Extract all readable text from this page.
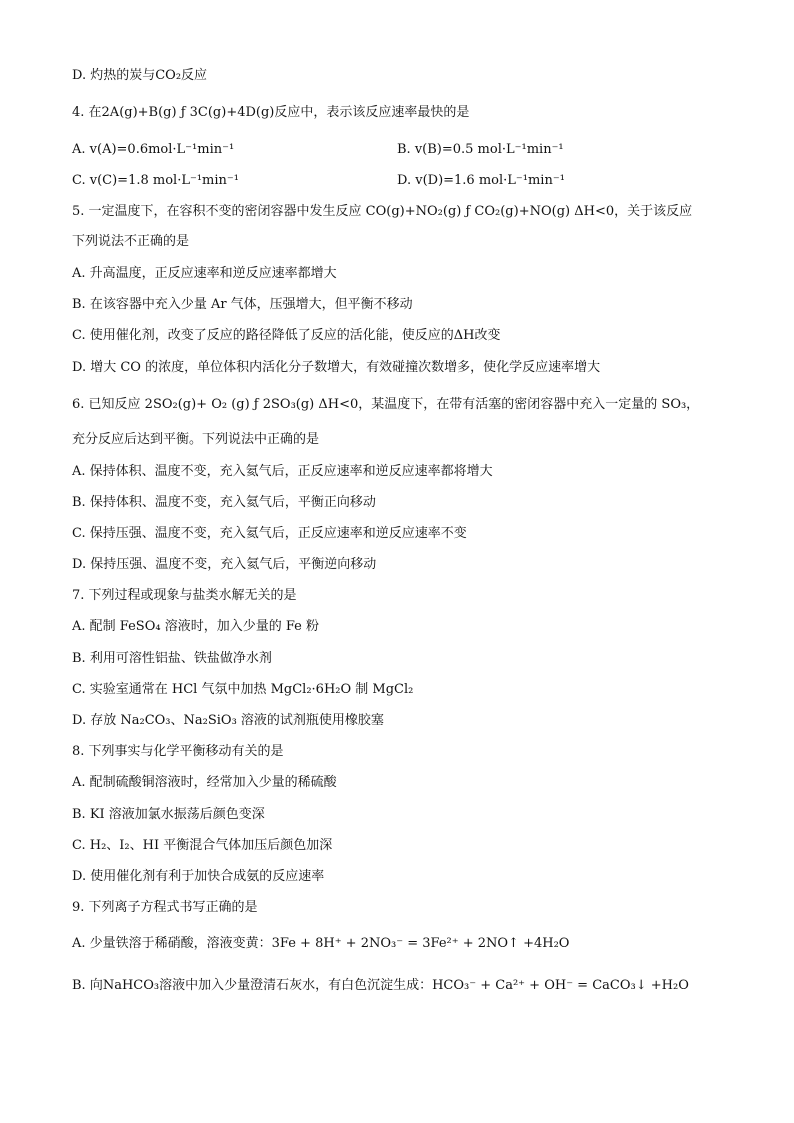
D. 灼热的炭与CO₂反应
4. 在2A(g)+B(g) ƒ 3C(g)+4D(g)反应中，表示该反应速率最快的是
A. v(A)=0.6mol·L⁻¹min⁻¹	B. v(B)=0.5 mol·L⁻¹min⁻¹
C. v(C)=1.8 mol·L⁻¹min⁻¹	D. v(D)=1.6 mol·L⁻¹min⁻¹
5. 一定温度下，在容积不变的密闭容器中发生反应 CO(g)+NO₂(g) ƒ CO₂(g)+NO(g) ΔH<0，关于该反应
下列说法不正确的是
A. 升高温度，正反应速率和逆反应速率都增大
B. 在该容器中充入少量 Ar 气体，压强增大，但平衡不移动
C. 使用催化剂，改变了反应的路径降低了反应的活化能，使反应的ΔH改变
D. 增大 CO 的浓度，单位体积内活化分子数增大，有效碰撞次数增多，使化学反应速率增大
6. 已知反应 2SO₂(g)+ O₂ (g) ƒ 2SO₃(g) ΔH<0，某温度下，在带有活塞的密闭容器中充入一定量的 SO₃，
充分反应后达到平衡。下列说法中正确的是
A. 保持体积、温度不变，充入氦气后，正反应速率和逆反应速率都将增大
B. 保持体积、温度不变，充入氦气后，平衡正向移动
C. 保持压强、温度不变，充入氦气后，正反应速率和逆反应速率不变
D. 保持压强、温度不变，充入氦气后，平衡逆向移动
7. 下列过程或现象与盐类水解无关的是
A. 配制 FeSO₄ 溶液时，加入少量的 Fe 粉
B. 利用可溶性铝盐、铁盐做净水剂
C. 实验室通常在 HCl 气氛中加热 MgCl₂·6H₂O 制 MgCl₂
D. 存放 Na₂CO₃、Na₂SiO₃ 溶液的试剂瓶使用橡胶塞
8. 下列事实与化学平衡移动有关的是
A. 配制硫酸铜溶液时，经常加入少量的稀硫酸
B. KI 溶液加氯水振荡后颜色变深
C. H₂、I₂、HI 平衡混合气体加压后颜色加深
D. 使用催化剂有利于加快合成氨的反应速率
9. 下列离子方程式书写正确的是
A. 少量铁溶于稀硝酸，溶液变黄：3Fe + 8H⁺ + 2NO₃⁻ = 3Fe²⁺ + 2NO↑ +4H₂O
B. 向NaHCO₃溶液中加入少量澄清石灰水，有白色沉淀生成：HCO₃⁻ + Ca²⁺ + OH⁻ = CaCO₃↓ +H₂O
